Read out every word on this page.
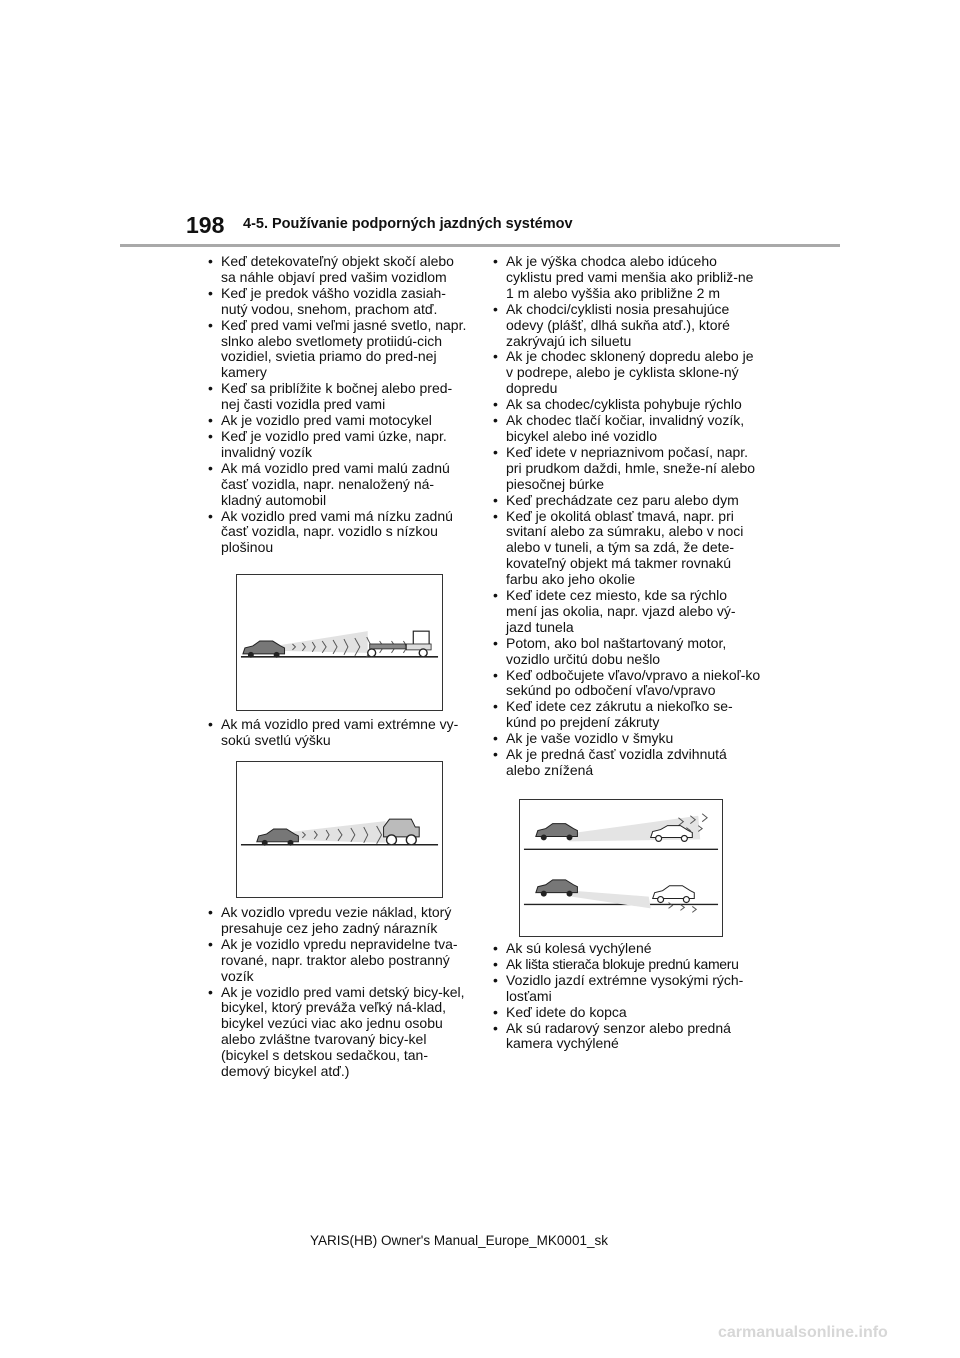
198 4-5. Používanie podporných jazdných systémov
• Keď detekovateľný objekt skočí alebo sa náhle objaví pred vašim vozidlom
• Keď je predok vášho vozidla zasiah-nutý vodou, snehom, prachom atď.
• Keď pred vami veľmi jasné svetlo, napr. slnko alebo svetlomety protiidú-cich vozidiel, svietia priamo do pred-nej kamery
• Keď sa priblížite k bočnej alebo pred-nej časti vozidla pred vami
• Ak je vozidlo pred vami motocykel
• Keď je vozidlo pred vami úzke, napr. invalidný vozík
• Ak má vozidlo pred vami malú zadnú časť vozidla, napr. nenaložený ná-kladný automobil
• Ak vozidlo pred vami má nízku zadnú časť vozidla, napr. vozidlo s nízkou plošinou
• Ak má vozidlo pred vami extrémne vy-sokú svetlú výšku
• Ak vozidlo vpredu vezie náklad, ktorý presahuje cez jeho zadný nárazník
• Ak je vozidlo vpredu nepravidelne tva-rované, napr. traktor alebo postranný vozík
• Ak je vozidlo pred vami detský bicy-kel, bicykel, ktorý preváža veľký ná-klad, bicykel vezúci viac ako jednu osobu alebo zvláštne tvarovaný bicy-kel (bicykel s detskou sedačkou, tan-demový bicykel atď.)
• Ak je výška chodca alebo idúceho cyklistu pred vami menšia ako približ-ne 1 m alebo vyššia ako približne 2 m
• Ak chodci/cyklisti nosia presahujúce odevy (plášť, dlhá sukňa atď.), ktoré zakrývajú ich siluetu
• Ak je chodec sklonený dopredu alebo je v podrepe, alebo je cyklista sklone-ný dopredu
• Ak sa chodec/cyklista pohybuje rýchlo
• Ak chodec tlačí kočiar, invalidný vozík, bicykel alebo iné vozidlo
• Keď idete v nepriaznivom počasí, napr. pri prudkom daždi, hmle, sneže-ní alebo piesočnej búrke
• Keď prechádzate cez paru alebo dym
• Keď je okolitá oblasť tmavá, napr. pri svitaní alebo za súmraku, alebo v noci alebo v tuneli, a tým sa zdá, že dete-kovateľný objekt má takmer rovnakú farbu ako jeho okolie
• Keď idete cez miesto, kde sa rýchlo mení jas okolia, napr. vjazd alebo vý-jazd tunela
• Potom, ako bol naštartovaný motor, vozidlo určitú dobu nešlo
• Keď odbočujete vľavo/vpravo a niekoľ-ko sekúnd po odbočení vľavo/vpravo
• Keď idete cez zákrutu a niekoľko se-kúnd po prejdení zákruty
• Ak je vaše vozidlo v šmyku
• Ak je predná časť vozidla zdvihnutá alebo znížená
• Ak sú kolesá vychýlené
• Ak lišta stierača blokuje prednú kameru
• Vozidlo jazdí extrémne vysokými rých-losťami
• Keď idete do kopca
• Ak sú radarový senzor alebo predná kamera vychýlené
YARIS(HB) Owner's Manual_Europe_MK0001_sk
carmanualsonline.info
